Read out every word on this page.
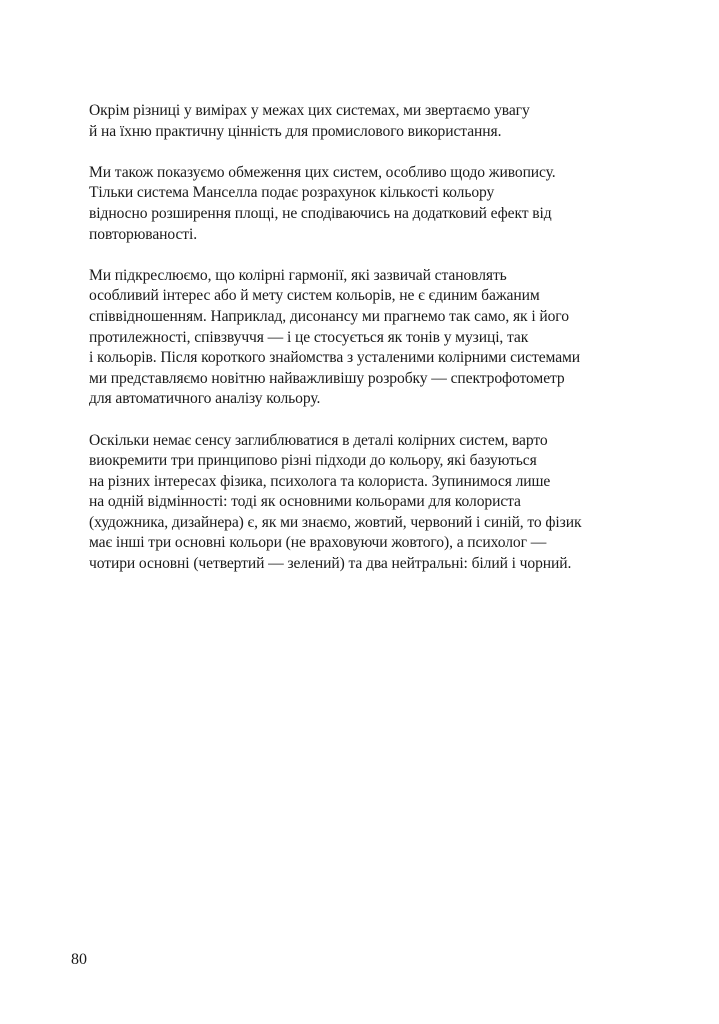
Окрім різниці у вимірах у межах цих системах, ми звертаємо увагу
й на їхню практичну цінність для промислового використання.

Ми також показуємо обмеження цих систем, особливо щодо живопису.
Тільки система Манселла подає розрахунок кількості кольору
відносно розширення площі, не сподіваючись на додатковий ефект від
повторюваності.

Ми підкреслюємо, що колірні гармонії, які зазвичай становлять
особливий інтерес або й мету систем кольорів, не є єдиним бажаним
співвідношенням. Наприклад, дисонансу ми прагнемо так само, як і його
протилежності, співзвуччя — і це стосується як тонів у музиці, так
і кольорів. Після короткого знайомства з усталеними колірними системами
ми представляємо новітню найважливішу розробку — спектрофотометр
для автоматичного аналізу кольору.

Оскільки немає сенсу заглиблюватися в деталі колірних систем, варто
виокремити три принципово різні підходи до кольору, які базуються
на різних інтересах фізика, психолога та колориста. Зупинимося лише
на одній відмінності: тоді як основними кольорами для колориста
(художника, дизайнера) є, як ми знаємо, жовтий, червоний і синій, то фізик
має інші три основні кольори (не враховуючи жовтого), а психолог —
чотири основні (четвертий — зелений) та два нейтральні: білий і чорний.

80
